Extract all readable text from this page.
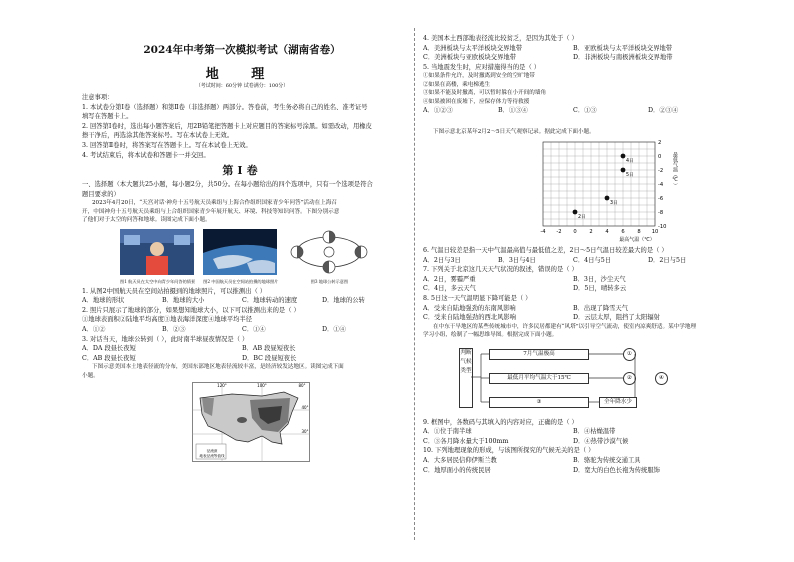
2024年中考第一次模拟考试（湖南省卷）
地 理
（考试时间：60分钟 试卷满分：100分）
注意事项：
1. 本试卷分第Ⅰ卷（选择题）和第Ⅱ卷（非选择题）两部分。答卷前，考生务必将自己的姓名、准考证号
填写在答题卡上。
2. 回答第Ⅰ卷时，选出每小题答案后，用2B铅笔把答题卡上对应题目的答案标号涂黑。如需改动，用橡皮
擦干净后，再选涂其他答案标号。写在本试卷上无效。
3. 回答第Ⅱ卷时，将答案写在答题卡上。写在本试卷上无效。
4. 考试结束后，将本试卷和答题卡一并交回。
第Ⅰ卷
一、选择题（本大题共25小题，每小题2分，共50分。在每小题给出的四个选项中，只有一个选项是符合
题目要求的）
2023年4月20日，“天宫对话·神舟十五号航天员乘组与上海合作组织国家青少年问答”活动在上海召
开，中国神舟十五号航天员乘组与上合组织国家青少年展开航天、环境、科技等知识问答。下图分别示意
了他们对于太空的问答和地球。读图完成下面小题。
图1 航天员在太空中向青少年问答的情景 图2 中国航天员在空间站拍摄的地球照片	图3 地球公转示意图
1. 从图2中国航天员在空间站拍摄到的地球照片，可以推测出（ ）
A．地球的形状	B．地球的大小	C．地球转动的速度	D．地球的公转
2. 照片只展示了地球的部分，如果想知地球大小，以下可以推测出来的是（ ）
①地球表面积②陆地平均高度③地表海洋深度④地球平均半径
A．①②	B．②③	C．①④	D．①④
3. 对话当天，地球公转到（ ），此时南半球昼夜情况是（ ）
A．DA 段昼长夜短	B．AB 段昼短夜长
C．AB 段昼长夜短	D．BC 段昼短夜长
下图示意美国本土地表径流的分布，美国东部地区地表径流较丰富，是经济较发达地区。读图完成下面
小题。
径流深
地表径流等值线
120°	100°	80°
40°
30°
4. 美国本土西部地表径流比较贫乏，是因为其处于（ ）
A．美洲板块与太平洋板块交界地带	B．亚欧板块与太平洋板块交界地带
C．美洲板块与亚欧板块交界地带	D．非洲板块与南极洲板块交界地带
5. 当地震发生时，应对措施得当的是（ ）
①如果条件允许，及时撤离到安全的空旷地带
②如果在高楼，乘电梯逃生
③如果不能及时撤离，可以暂时躲在小开间的墙角
④如果被困在废墟下，应保存体力等待救援
A．①②③	B．①③④	C．①③	D．②③④
下图示意北京某年2月2～5日天气观察记录。据此完成下面小题。
-4 -2 0 2 4 6 8 10
2
0
-2
-4
-6
-8
-10
最高气温（℃）
最低气温（℃）
2日
3日
4日
5日
6. 气温日较差是指一天中气温最高值与最低值之差，2日～5日气温日较差最大的是（ ）
A．2日与3日	B．3日与4日	C．4日与5日	D．2日与5日
7. 下列关于北京这几天天气状况的叙述，错误的是（ ）
A．2日，雾霾严重	B．3日，沙尘天气
C．4日，多云天气	D．5日，晴转多云
8. 5日这一天气温明显下降可能是（ ）
A．受来自陆地强劲的东南风影响	B．出现了降雪天气
C．受来自陆地强劲的西北风影响	D．云层太厚，阻挡了太阳辐射
在中东干旱地区的某些传统城市中，许多民居都建有“风塔”以引导空气流动，使室内凉爽舒适。某中学地理
学习小组，绘制了一幅思维导图。根据完成下面小题。
判断气候类型
7月气温极高
最低月平均气温大于15℃
③
①
②
全年降水少
④
9. 框图中，各数码与其填入的内容对应，正确的是（ ）
A．①位于南半球	B．④枯燥温带
C．③各月降水量大于100mm	D．④热带沙漠气候
10. 下列地理现象的形成，与该图所探究的气候无关的是（ ）
A．大多居民信仰伊斯兰教	B．骆驼为传统交通工具
C．地厚面小的传统民居	D．宽大的白色长袍为传统服饰
